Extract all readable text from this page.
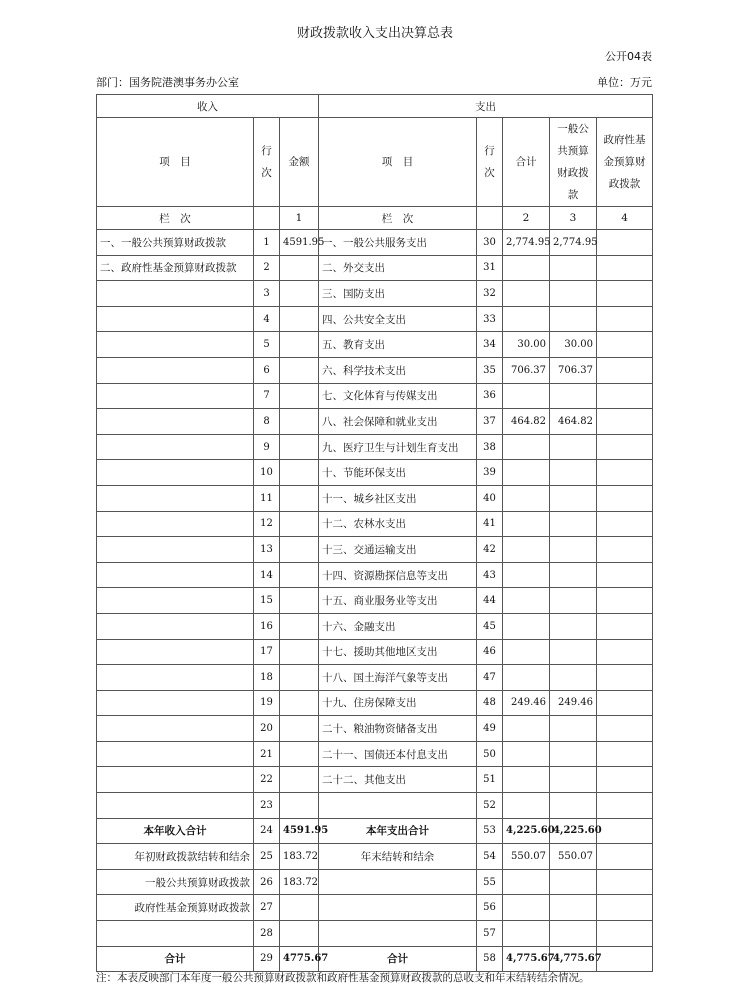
财政拨款收入支出决算总表
公开04表
部门：国务院港澳事务办公室	单位：万元
收入			支出				
项　目	行次	金额	项　目	行次	合计	一般公共预算财政拨款	政府性基金预算财政拨款
栏　次		1	栏　次		2	3	4
一、一般公共预算财政拨款	1	4591.95	一、一般公共服务支出	30	2,774.95	2,774.95	
二、政府性基金预算财政拨款	2		二、外交支出	31			
	3		三、国防支出	32			
	4		四、公共安全支出	33			
	5		五、教育支出	34	30.00	30.00	
	6		六、科学技术支出	35	706.37	706.37	
	7		七、文化体育与传媒支出	36			
	8		八、社会保障和就业支出	37	464.82	464.82	
	9		九、医疗卫生与计划生育支出	38			
	10		十、节能环保支出	39			
	11		十一、城乡社区支出	40			
	12		十二、农林水支出	41			
	13		十三、交通运输支出	42			
	14		十四、资源勘探信息等支出	43			
	15		十五、商业服务业等支出	44			
	16		十六、金融支出	45			
	17		十七、援助其他地区支出	46			
	18		十八、国土海洋气象等支出	47			
	19		十九、住房保障支出	48	249.46	249.46	
	20		二十、粮油物资储备支出	49			
	21		二十一、国债还本付息支出	50			
	22		二十二、其他支出	51			
	23			52			
本年收入合计	24	4591.95	本年支出合计	53	4,225.60	4,225.60	
年初财政拨款结转和结余	25	183.72	年末结转和结余	54	550.07	550.07	
一般公共预算财政拨款	26	183.72		55			
政府性基金预算财政拨款	27			56			
	28			57			
合计	29	4775.67	合计	58	4,775.67	4,775.67	
注：本表反映部门本年度一般公共预算财政拨款和政府性基金预算财政拨款的总收支和年末结转结余情况。
